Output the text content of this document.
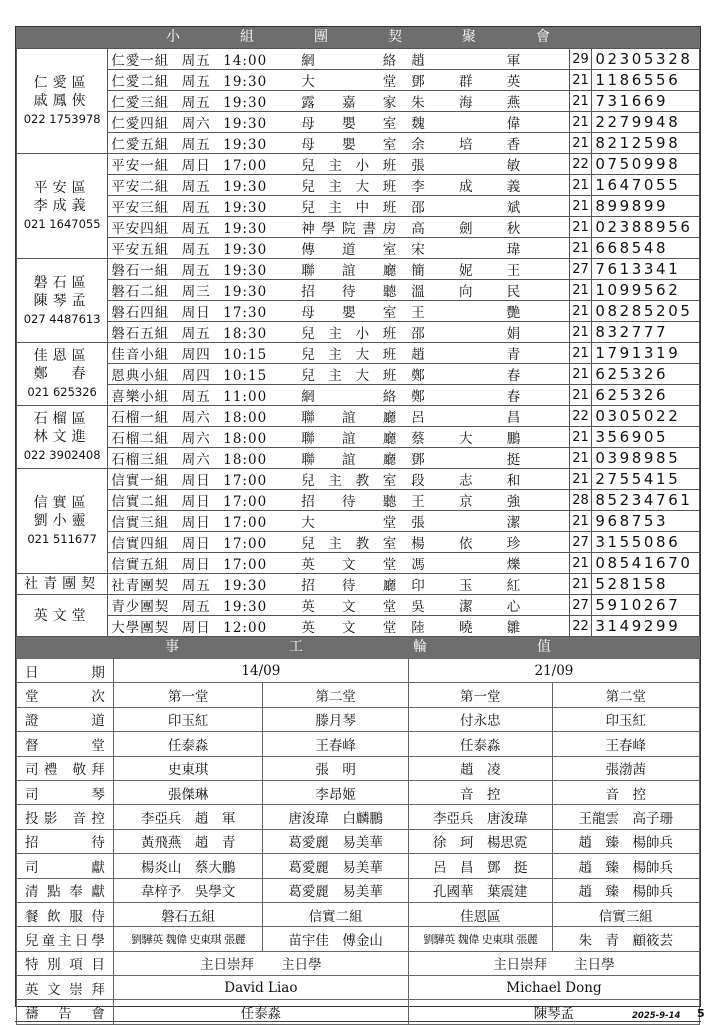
小	組	團	契	聚	會
仁愛區
戚鳳俠
022 1753978	仁愛一組 周五 14:00 網　絡 趙　　軍	29	02305328
	仁愛二組 周五 19:30 大　堂 鄧　群　英	21	1186556
	仁愛三組 周五 19:30 露嘉家 朱　海　燕	21	731669
	仁愛四組 周六 19:30 母嬰室 魏　　偉	21	2279948
	仁愛五組 周五 19:30 母嬰室 余　培　香	21	8212598

平安區
李成義
021 1647055	平安一組 周日 17:00 兒主小班 張　　敏	22	0750998
	平安二組 周五 19:30 兒主大班 李　成　義	21	1647055
	平安三組 周五 19:30 兒主中班 邵　　斌	21	899899
	平安四組 周五 19:30 神學院書房 高　劍　秋	21	02388956
	平安五組 周五 19:30 傳道室 宋　　瑋	21	668548

磐石區
陳琴孟
027 4487613	磐石一組 周五 19:30 聯誼廳 簡　妮　王	27	7613341
	磐石二組 周三 19:30 招待聽 溫　向　民	21	1099562
	磐石四組 周日 17:30 母嬰室 王　　艷	21	08285205
	磐石五組 周五 18:30 兒主小班 邵　　娟	21	832777

佳恩區
鄭　春
021 625326	佳音小組 周四 10:15 兒主大班 趙　　青	21	1791319
	恩典小組 周四 10:15 兒主大班 鄭　　春	21	625326
	喜樂小組 周五 11:00 網　絡 鄭　　春	21	625326

石榴區
林文進
022 3902408	石榴一組 周六 18:00 聯誼廳 呂　　昌	22	0305022
	石榴二組 周六 18:00 聯誼廳 蔡　大　鵬	21	356905
	石榴三組 周六 18:00 聯誼廳 鄧　　挺	21	0398985

信實區
劉小靈
021 511677	信實一組 周日 17:00 兒主教室 段　志　和	21	2755415
	信實二組 周日 17:00 招待聽 王　京　強	28	85234761
	信實三組 周日 17:00 大　堂 張　　潔	21	968753
	信實四組 周日 17:00 兒主教室 楊　依　珍	27	3155086
	信實五組 周日 17:00 英文堂 馮　　爍	21	08541670

社青團契	社青團契 周五 19:30 招待廳 印　玉　紅	21	528158

英文堂	青少團契 周五 19:30 英文堂 吳　潔　心	27	5910267
	大學團契 周日 12:00 英文堂 陸　曉　雛	22	3149299
事	工	輪	值
日期	14/09		21/09	
堂次	第一堂	第二堂	第一堂	第二堂
證道	印玉紅	滕月琴	付永忠	印玉紅
督堂	任泰淼	王春峰	任泰淼	王春峰
司禮 敬拜	史東琪	張　明	趙　凌	張渤茜
司琴	張傑琳	李昂姬	音　控	音　控
投影 音控	李亞兵　趙　軍	唐浚瑋　白麟鵬	李亞兵　唐浚瑋	王龍雲　高子珊
招待	黃飛燕　趙　青	葛愛麗　易美華	徐　珂　楊思霓	趙　臻　楊帥兵
司獻	楊炎山　蔡大鵬	葛愛麗　易美華	呂　昌　鄧　挺	趙　臻　楊帥兵
清點奉獻	韋梓予　吳學文	葛愛麗　易美華	孔國華　葉震建	趙　臻　楊帥兵
餐飲服侍	磐石五組	信實二組	佳恩區	信實三組
兒童主日學	劉驊英 魏偉 史東琪 張麗	苗宇佳　傅金山	劉驊英 魏偉 史東琪 張麗	朱　青　顧筱芸
特別項目	主日崇拜　　主日學		主日崇拜　　主日學	
英文崇拜	David Liao		Michael Dong	
禱告會	任泰淼		陳琴孟		2025-9-14 5
